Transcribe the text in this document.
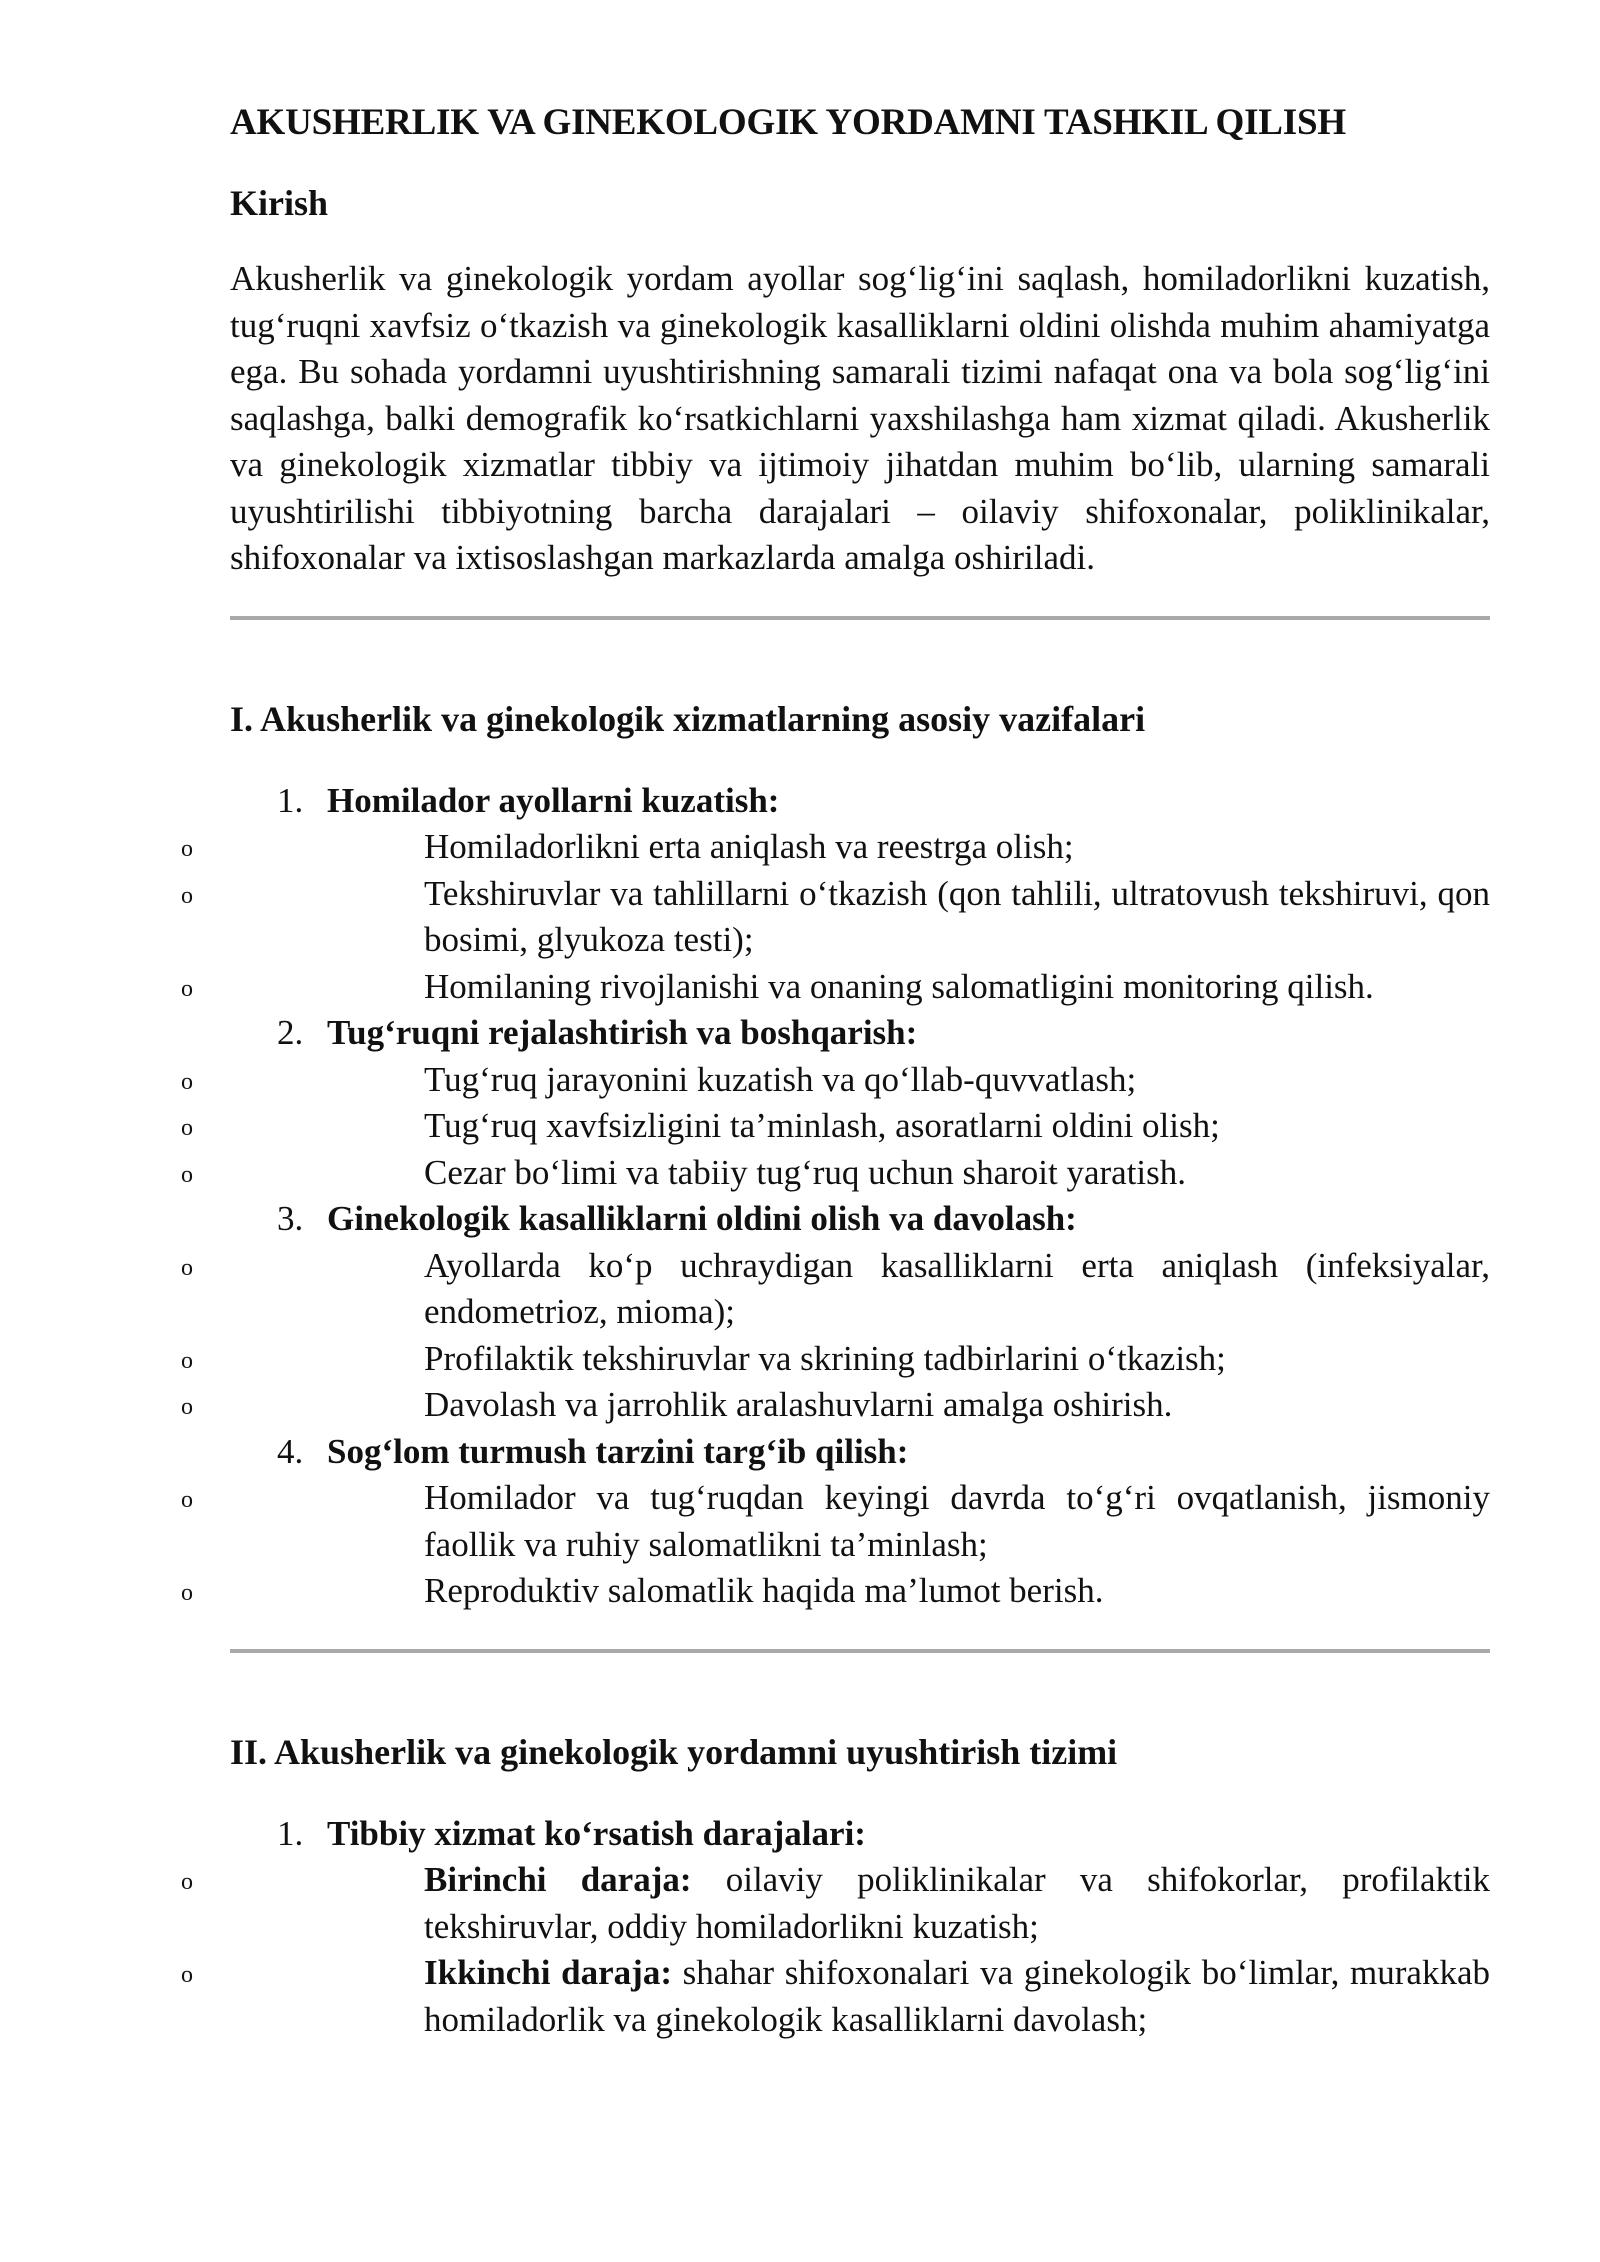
AKUSHERLIK VA GINEKOLOGIK YORDAMNI TASHKIL QILISH
Kirish

Akusherlik va ginekologik yordam ayollar sog‘lig‘ini saqlash, homiladorlikni kuzatish, tug‘ruqni xavfsiz o‘tkazish va ginekologik kasalliklarni oldini olishda muhim ahamiyatga ega. Bu sohada yordamni uyushtirishning samarali tizimi nafaqat ona va bola sog‘lig‘ini saqlashga, balki demografik ko‘rsatkichlarni yaxshilashga ham xizmat qiladi. Akusherlik va ginekologik xizmatlar tibbiy va ijtimoiy jihatdan muhim bo‘lib, ularning samarali uyushtirilishi tibbiyotning barcha darajalari – oilaviy shifoxonalar, poliklinikalar, shifoxonalar va ixtisoslashgan markazlarda amalga oshiriladi.

I. Akusherlik va ginekologik xizmatlarning asosiy vazifalari
1. Homilador ayollarni kuzatish:
o	Homiladorlikni erta aniqlash va reestrga olish;
o	Tekshiruvlar va tahlillarni o‘tkazish (qon tahlili, ultratovush tekshiruvi, qon bosimi, glyukoza testi);
o	Homilaning rivojlanishi va onaning salomatligini monitoring qilish.
2. Tug‘ruqni rejalashtirish va boshqarish:
o	Tug‘ruq jarayonini kuzatish va qo‘llab-quvvatlash;
o	Tug‘ruq xavfsizligini ta’minlash, asoratlarni oldini olish;
o	Cezar bo‘limi va tabiiy tug‘ruq uchun sharoit yaratish.
3. Ginekologik kasalliklarni oldini olish va davolash:
o	Ayollarda ko‘p uchraydigan kasalliklarni erta aniqlash (infeksiyalar, endometrioz, mioma);
o	Profilaktik tekshiruvlar va skrining tadbirlarini o‘tkazish;
o	Davolash va jarrohlik aralashuvlarni amalga oshirish.
4. Sog‘lom turmush tarzini targ‘ib qilish:
o	Homilador va tug‘ruqdan keyingi davrda to‘g‘ri ovqatlanish, jismoniy faollik va ruhiy salomatlikni ta’minlash;
o	Reproduktiv salomatlik haqida ma’lumot berish.
II. Akusherlik va ginekologik yordamni uyushtirish tizimi
1. Tibbiy xizmat ko‘rsatish darajalari:
o	Birinchi daraja: oilaviy poliklinikalar va shifokorlar, profilaktik tekshiruvlar, oddiy homiladorlikni kuzatish;
o	Ikkinchi daraja: shahar shifoxonalari va ginekologik bo‘limlar, murakkab homiladorlik va ginekologik kasalliklarni davolash;
